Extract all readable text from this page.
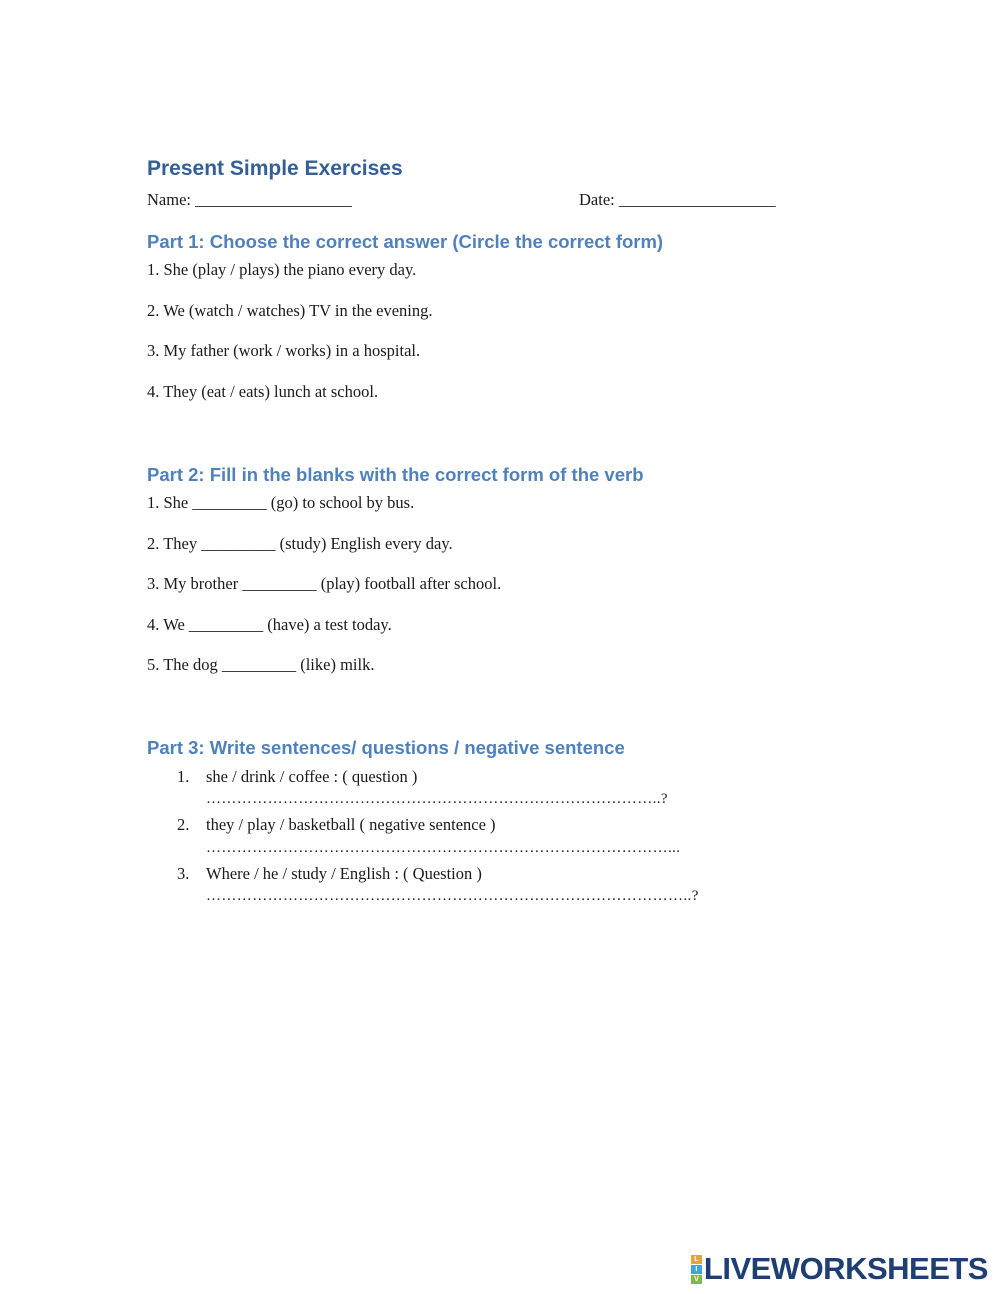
Present Simple Exercises
Name: ___________________	Date: ___________________
Part 1: Choose the correct answer (Circle the correct form)
1. She (play / plays) the piano every day.
2. We (watch / watches) TV in the evening.
3. My father (work / works) in a hospital.
4. They (eat / eats) lunch at school.
Part 2: Fill in the blanks with the correct form of the verb
1. She _________ (go) to school by bus.
2. They _________ (study) English every day.
3. My brother _________ (play) football after school.
4. We _________ (have) a test today.
5. The dog _________ (like) milk.
Part 3: Write sentences/ questions / negative sentence
1. she / drink / coffee : ( question )
……………………………………………………………………………..?
2. they / play / basketball ( negative sentence )
………………………………………………………………………………...
3. Where / he / study / English : ( Question )
…………………………………………………………………………………..?
L
I
V LIVEWORKSHEETS
